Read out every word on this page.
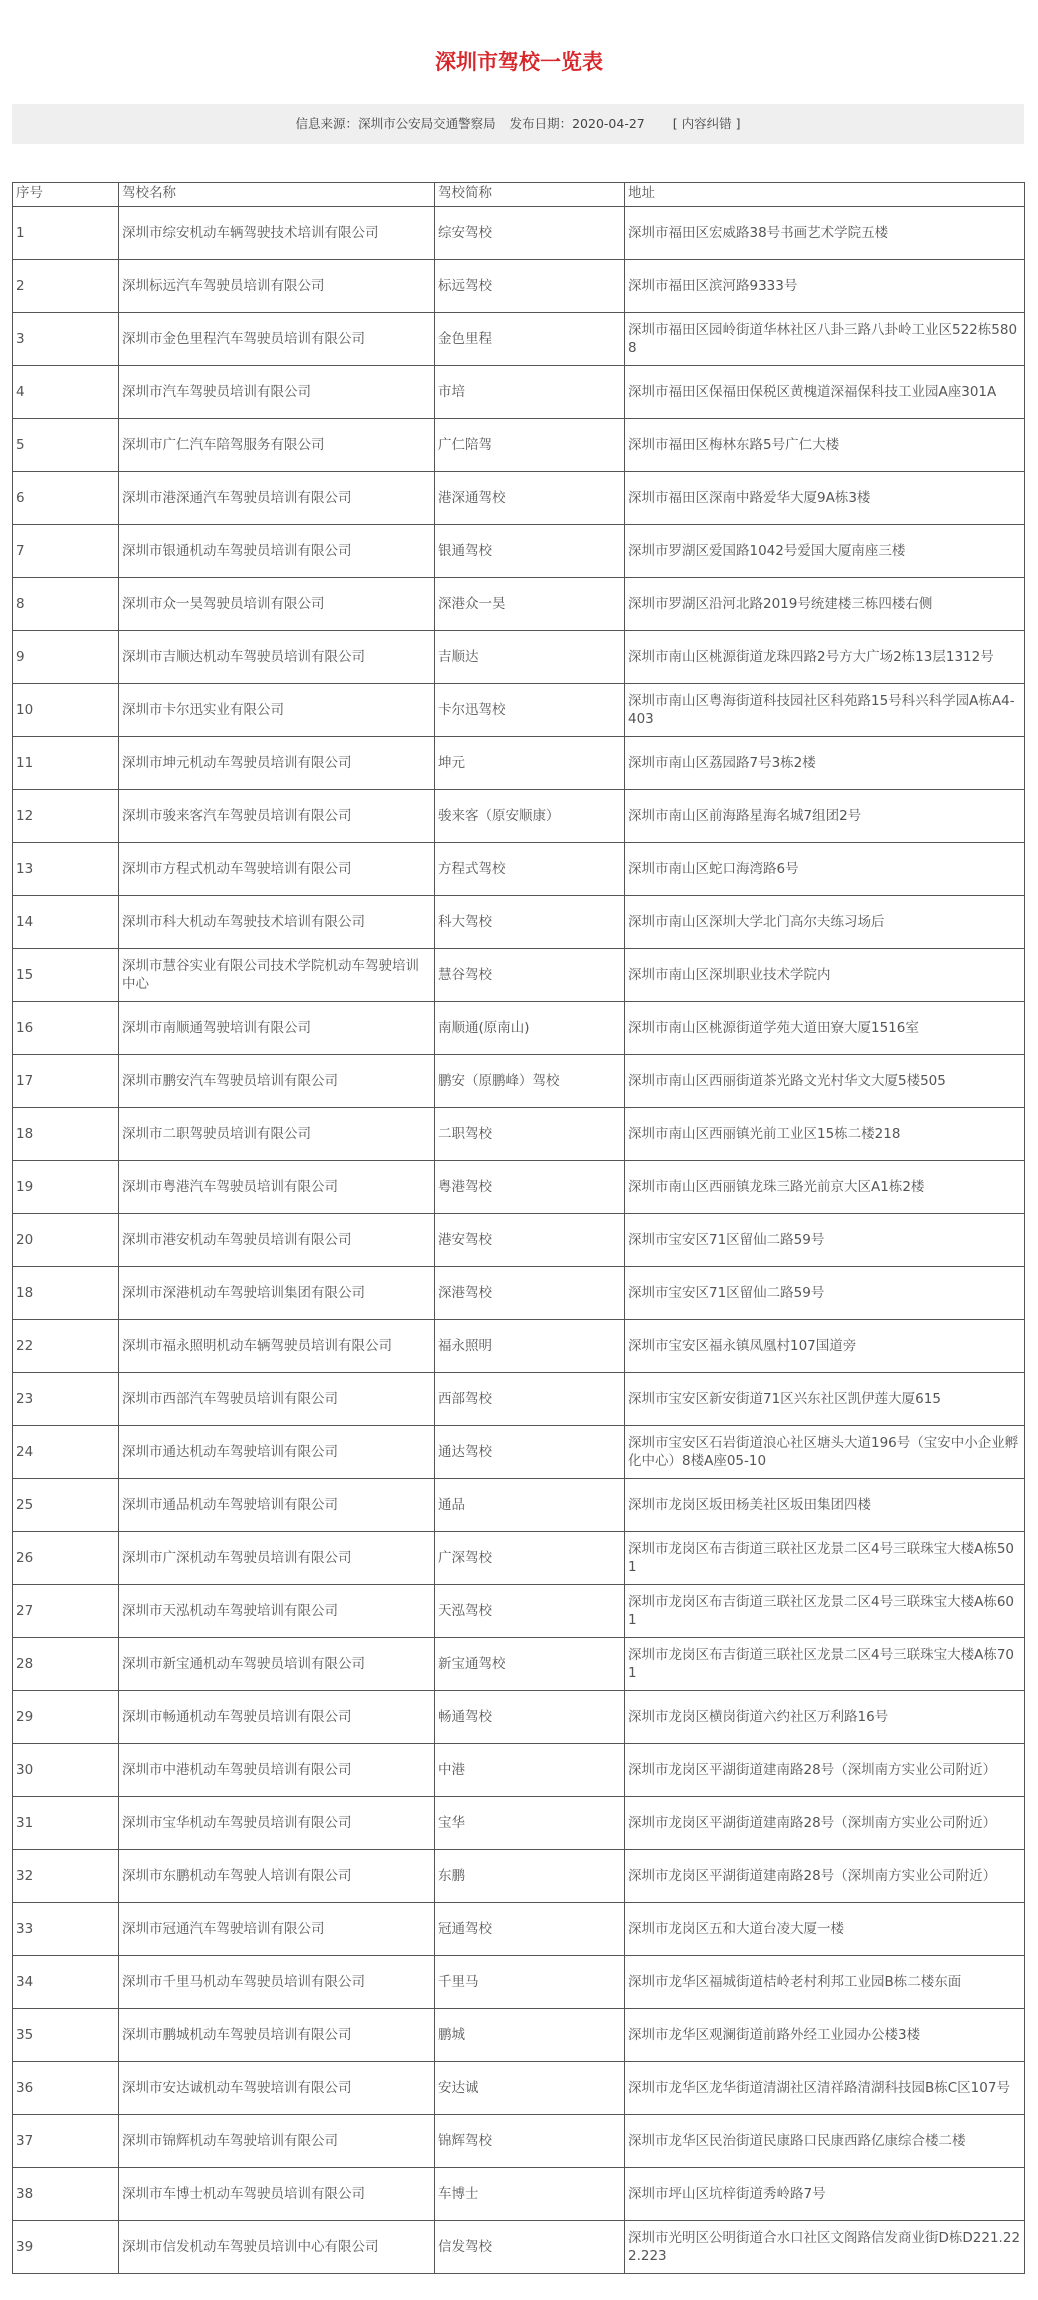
深圳市驾校一览表
信息来源：深圳市公安局交通警察局 发布日期：2020-04-27 [ 内容纠错 ]
序号	驾校名称	驾校简称	地址
1	深圳市综安机动车辆驾驶技术培训有限公司	综安驾校	深圳市福田区宏威路38号书画艺术学院五楼
2	深圳标远汽车驾驶员培训有限公司	标远驾校	深圳市福田区滨河路9333号
3	深圳市金色里程汽车驾驶员培训有限公司	金色里程	深圳市福田区园岭街道华林社区八卦三路八卦岭工业区522栋5808
4	深圳市汽车驾驶员培训有限公司	市培	深圳市福田区保福田保税区黄槐道深福保科技工业园A座301A
5	深圳市广仁汽车陪驾服务有限公司	广仁陪驾	深圳市福田区梅林东路5号广仁大楼
6	深圳市港深通汽车驾驶员培训有限公司	港深通驾校	深圳市福田区深南中路爱华大厦9A栋3楼
7	深圳市银通机动车驾驶员培训有限公司	银通驾校	深圳市罗湖区爱国路1042号爱国大厦南座三楼
8	深圳市众一昊驾驶员培训有限公司	深港众一昊	深圳市罗湖区沿河北路2019号统建楼三栋四楼右侧
9	深圳市吉顺达机动车驾驶员培训有限公司	吉顺达	深圳市南山区桃源街道龙珠四路2号方大广场2栋13层1312号
10	深圳市卡尔迅实业有限公司	卡尔迅驾校	深圳市南山区粤海街道科技园社区科苑路15号科兴科学园A栋A4-403
11	深圳市坤元机动车驾驶员培训有限公司	坤元	深圳市南山区荔园路7号3栋2楼
12	深圳市骏来客汽车驾驶员培训有限公司	骏来客（原安顺康）	深圳市南山区前海路星海名城7组团2号
13	深圳市方程式机动车驾驶培训有限公司	方程式驾校	深圳市南山区蛇口海湾路6号
14	深圳市科大机动车驾驶技术培训有限公司	科大驾校	深圳市南山区深圳大学北门高尔夫练习场后
15	深圳市慧谷实业有限公司技术学院机动车驾驶培训中心	慧谷驾校	深圳市南山区深圳职业技术学院内
16	深圳市南顺通驾驶培训有限公司	南顺通(原南山)	深圳市南山区桃源街道学苑大道田寮大厦1516室
17	深圳市鹏安汽车驾驶员培训有限公司	鹏安（原鹏峰）驾校	深圳市南山区西丽街道茶光路文光村华文大厦5楼505
18	深圳市二职驾驶员培训有限公司	二职驾校	深圳市南山区西丽镇光前工业区15栋二楼218
19	深圳市粤港汽车驾驶员培训有限公司	粤港驾校	深圳市南山区西丽镇龙珠三路光前京大区A1栋2楼
20	深圳市港安机动车驾驶员培训有限公司	港安驾校	深圳市宝安区71区留仙二路59号
18	深圳市深港机动车驾驶培训集团有限公司	深港驾校	深圳市宝安区71区留仙二路59号
22	深圳市福永照明机动车辆驾驶员培训有限公司	福永照明	深圳市宝安区福永镇凤凰村107国道旁
23	深圳市西部汽车驾驶员培训有限公司	西部驾校	深圳市宝安区新安街道71区兴东社区凯伊莲大厦615
24	深圳市通达机动车驾驶培训有限公司	通达驾校	深圳市宝安区石岩街道浪心社区塘头大道196号（宝安中小企业孵化中心）8楼A座05-10
25	深圳市通品机动车驾驶培训有限公司	通品	深圳市龙岗区坂田杨美社区坂田集团四楼
26	深圳市广深机动车驾驶员培训有限公司	广深驾校	深圳市龙岗区布吉街道三联社区龙景二区4号三联珠宝大楼A栋501
27	深圳市天泓机动车驾驶培训有限公司	天泓驾校	深圳市龙岗区布吉街道三联社区龙景二区4号三联珠宝大楼A栋601
28	深圳市新宝通机动车驾驶员培训有限公司	新宝通驾校	深圳市龙岗区布吉街道三联社区龙景二区4号三联珠宝大楼A栋701
29	深圳市畅通机动车驾驶员培训有限公司	畅通驾校	深圳市龙岗区横岗街道六约社区万利路16号
30	深圳市中港机动车驾驶员培训有限公司	中港	深圳市龙岗区平湖街道建南路28号（深圳南方实业公司附近）
31	深圳市宝华机动车驾驶员培训有限公司	宝华	深圳市龙岗区平湖街道建南路28号（深圳南方实业公司附近）
32	深圳市东鹏机动车驾驶人培训有限公司	东鹏	深圳市龙岗区平湖街道建南路28号（深圳南方实业公司附近）
33	深圳市冠通汽车驾驶培训有限公司	冠通驾校	深圳市龙岗区五和大道台凌大厦一楼
34	深圳市千里马机动车驾驶员培训有限公司	千里马	深圳市龙华区福城街道桔岭老村利邦工业园B栋二楼东面
35	深圳市鹏城机动车驾驶员培训有限公司	鹏城	深圳市龙华区观澜街道前路外经工业园办公楼3楼
36	深圳市安达诚机动车驾驶培训有限公司	安达诚	深圳市龙华区龙华街道清湖社区清祥路清湖科技园B栋C区107号
37	深圳市锦辉机动车驾驶培训有限公司	锦辉驾校	深圳市龙华区民治街道民康路口民康西路亿康综合楼二楼
38	深圳市车博士机动车驾驶员培训有限公司	车博士	深圳市坪山区坑梓街道秀岭路7号
39	深圳市信发机动车驾驶员培训中心有限公司	信发驾校	深圳市光明区公明街道合水口社区文阁路信发商业街D栋D221.222.223
